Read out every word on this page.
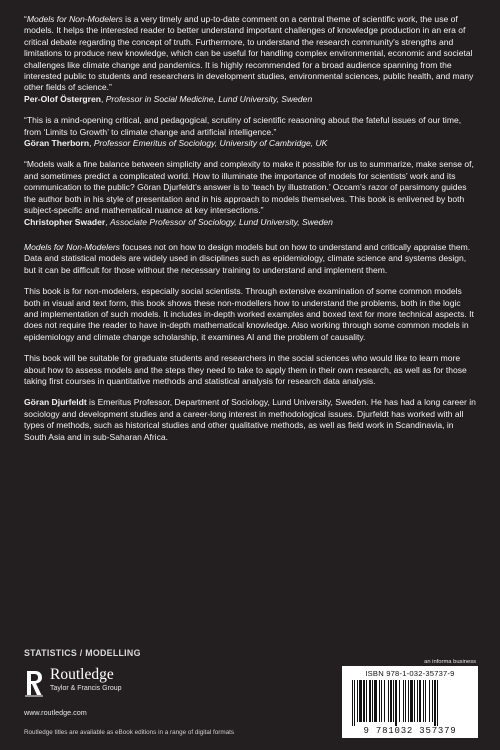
“Models for Non-Modelers is a very timely and up-to-date comment on a central theme of scientific work, the use of models. It helps the interested reader to better understand important challenges of knowledge production in an era of critical debate regarding the concept of truth. Furthermore, to understand the research community's strengths and limitations to produce new knowledge, which can be useful for handling complex environmental, economic and societal challenges like climate change and pandemics. It is highly recommended for a broad audience spanning from the interested public to students and researchers in development studies, environmental sciences, public health, and many other fields of science.”

Per-Olof Östergren, Professor in Social Medicine, Lund University, Sweden

“This is a mind-opening critical, and pedagogical, scrutiny of scientific reasoning about the fateful issues of our time, from ‘Limits to Growth’ to climate change and artificial intelligence.”

Göran Therborn, Professor Emeritus of Sociology, University of Cambridge, UK

“Models walk a fine balance between simplicity and complexity to make it possible for us to summarize, make sense of, and sometimes predict a complicated world. How to illuminate the importance of models for scientists’ work and its communication to the public? Göran Djurfeldt’s answer is to ‘teach by illustration.’ Occam’s razor of parsimony guides the author both in his style of presentation and in his approach to models themselves. This book is enlivened by both subject-specific and mathematical nuance at key intersections.”

Christopher Swader, Associate Professor of Sociology, Lund University, Sweden

Models for Non-Modelers focuses not on how to design models but on how to understand and critically appraise them. Data and statistical models are widely used in disciplines such as epidemiology, climate science and systems design, but it can be difficult for those without the necessary training to understand and implement them.

This book is for non-modelers, especially social scientists. Through extensive examination of some common models both in visual and text form, this book shows these non-modellers how to understand the problems, both in the logic and implementation of such models. It includes in-depth worked examples and boxed text for more technical aspects. It does not require the reader to have in-depth mathematical knowledge. Also working through some common models in epidemiology and climate change scholarship, it examines AI and the problem of causality.

This book will be suitable for graduate students and researchers in the social sciences who would like to learn more about how to assess models and the steps they need to take to apply them in their own research, as well as for those taking first courses in quantitative methods and statistical analysis for research data analysis.

Göran Djurfeldt is Emeritus Professor, Department of Sociology, Lund University, Sweden. He has had a long career in sociology and development studies and a career-long interest in methodological issues. Djurfeldt has worked with all types of methods, such as historical studies and other qualitative methods, as well as field work in Scandinavia, in South Asia and in sub-Saharan Africa.

STATISTICS / MODELLING
Routledge
Taylor & Francis Group
www.routledge.com
Routledge titles are available as eBook editions in a range of digital formats
an informa business
ISBN 978-1-032-35737-9
9 781032 357379
